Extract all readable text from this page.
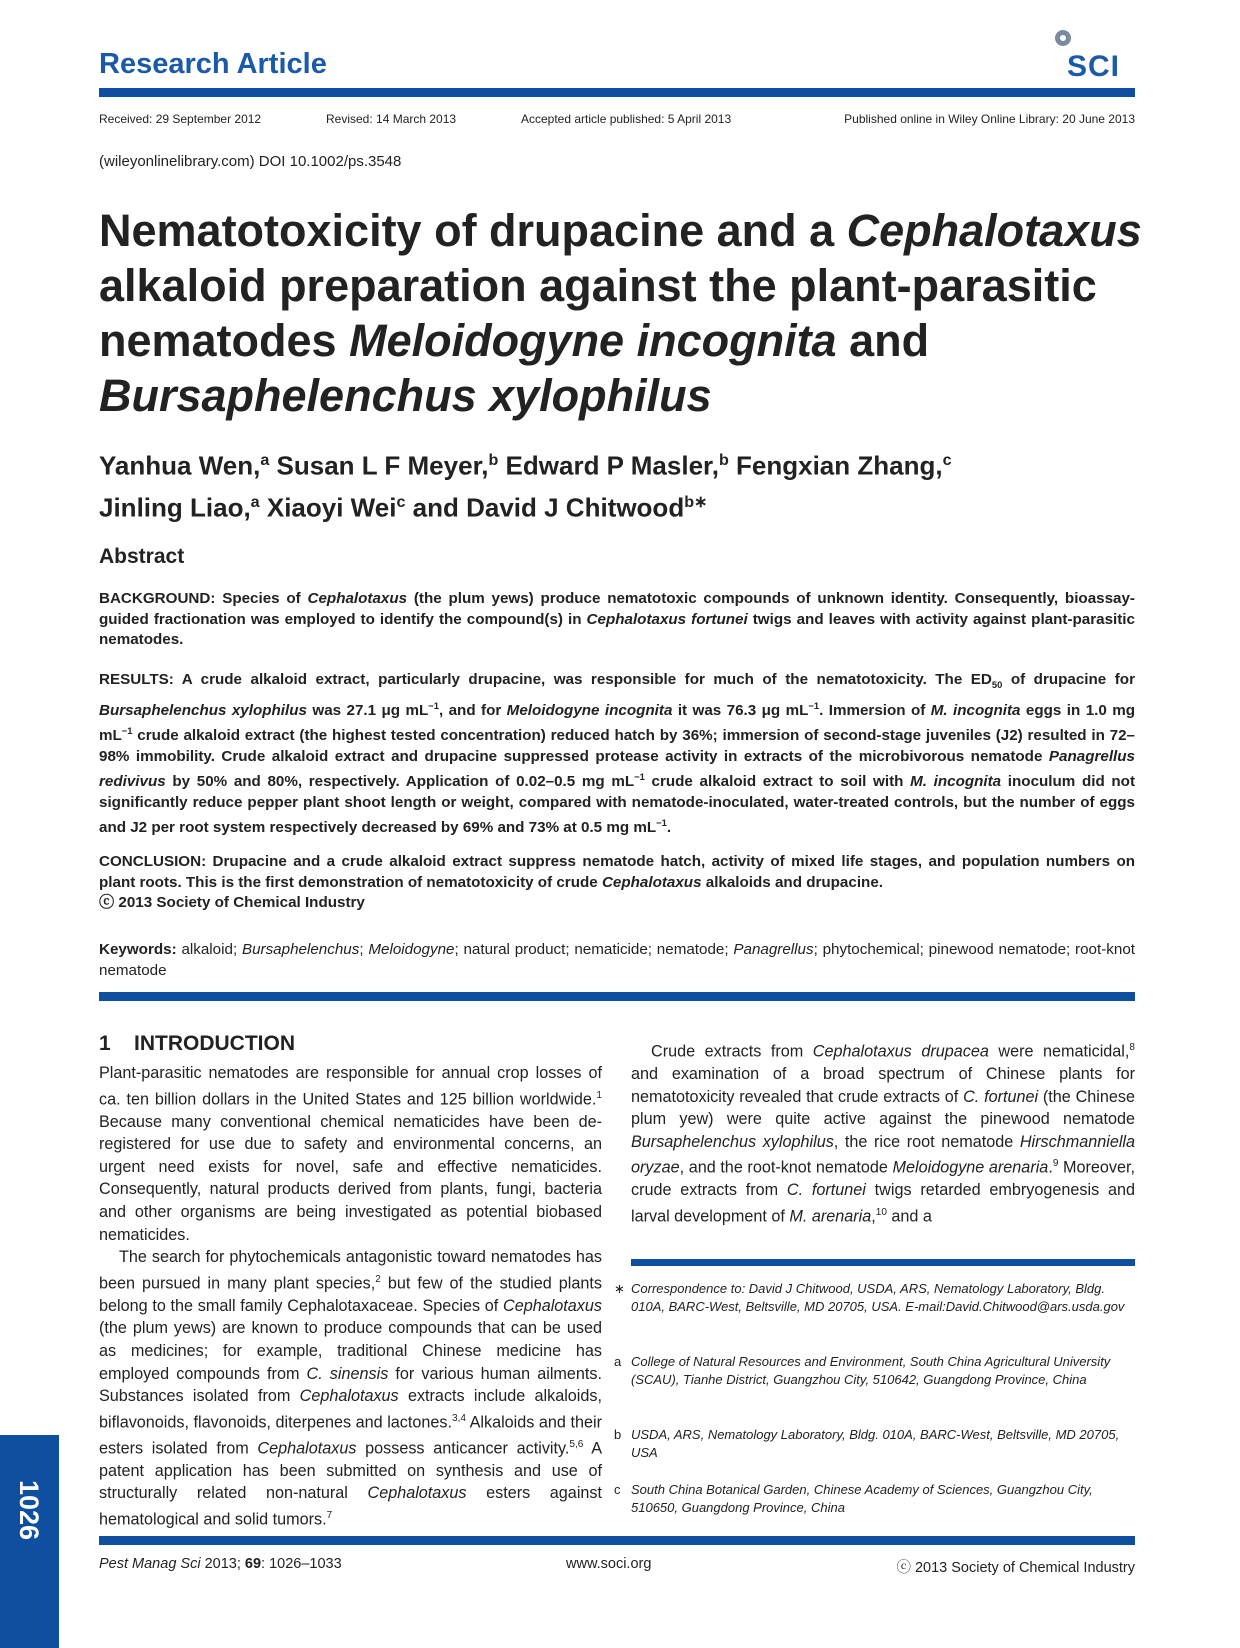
Research Article	SCI
Received: 29 September 2012	Revised: 14 March 2013	Accepted article published: 5 April 2013	Published online in Wiley Online Library: 20 June 2013
(wileyonlinelibrary.com) DOI 10.1002/ps.3548
Nematotoxicity of drupacine and a Cephalotaxus alkaloid preparation against the plant-parasitic nematodes Meloidogyne incognita and Bursaphelenchus xylophilus

Yanhua Wen,$^a$ Susan L F Meyer,$^b$ Edward P Masler,$^b$ Fengxian Zhang,$^c$
Jinling Liao,$^a$ Xiaoyi Wei$^c$ and David J Chitwood$^{b∗}$

Abstract

BACKGROUND: Species of Cephalotaxus (the plum yews) produce nematotoxic compounds of unknown identity. Consequently, bioassay-guided fractionation was employed to identify the compound(s) in Cephalotaxus fortunei twigs and leaves with activity against plant-parasitic nematodes.

RESULTS: A crude alkaloid extract, particularly drupacine, was responsible for much of the nematotoxicity. The $ED_{50}$ of drupacine for Bursaphelenchus xylophilus was 27.1 μg $mL^{-1}$, and for Meloidogyne incognita it was 76.3 μg $mL^{-1}$. Immersion of M. incognita eggs in 1.0 mg $mL^{-1}$ crude alkaloid extract (the highest tested concentration) reduced hatch by 36%; immersion of second-stage juveniles (J2) resulted in 72–98% immobility. Crude alkaloid extract and drupacine suppressed protease activity in extracts of the microbivorous nematode Panagrellus redivivus by 50% and 80%, respectively. Application of 0.02–0.5 mg $mL^{-1}$ crude alkaloid extract to soil with M. incognita inoculum did not significantly reduce pepper plant shoot length or weight, compared with nematode-inoculated, water-treated controls, but the number of eggs and J2 per root system respectively decreased by 69% and 73% at 0.5 mg $mL^{-1}$.

CONCLUSION: Drupacine and a crude alkaloid extract suppress nematode hatch, activity of mixed life stages, and population numbers on plant roots. This is the first demonstration of nematotoxicity of crude Cephalotaxus alkaloids and drupacine.
ⓒ 2013 Society of Chemical Industry

Keywords: alkaloid; Bursaphelenchus; Meloidogyne; natural product; nematicide; nematode; Panagrellus; phytochemical; pinewood nematode; root-knot nematode

1    INTRODUCTION

Plant-parasitic nematodes are responsible for annual crop losses of ca. ten billion dollars in the United States and 125 billion worldwide.$^1$ Because many conventional chemical nematicides have been de-registered for use due to safety and environmental concerns, an urgent need exists for novel, safe and effective nematicides. Consequently, natural products derived from plants, fungi, bacteria and other organisms are being investigated as potential biobased nematicides.

The search for phytochemicals antagonistic toward nematodes has been pursued in many plant species,$^2$ but few of the studied plants belong to the small family Cephalotaxaceae. Species of Cephalotaxus (the plum yews) are known to produce compounds that can be used as medicines; for example, traditional Chinese medicine has employed compounds from C. sinensis for various human ailments. Substances isolated from Cephalotaxus extracts include alkaloids, biflavonoids, flavonoids, diterpenes and lactones.$^{3,4}$ Alkaloids and their esters isolated from Cephalotaxus possess anticancer activity.$^{5,6}$ A patent application has been submitted on synthesis and use of structurally related non-natural Cephalotaxus esters against hematological and solid tumors.$^7$

Crude extracts from Cephalotaxus drupacea were nematicidal,$^8$ and examination of a broad spectrum of Chinese plants for nematotoxicity revealed that crude extracts of C. fortunei (the Chinese plum yew) were quite active against the pinewood nematode Bursaphelenchus xylophilus, the rice root nematode Hirschmanniella oryzae, and the root-knot nematode Meloidogyne arenaria.$^9$ Moreover, crude extracts from C. fortunei twigs retarded embryogenesis and larval development of M. arenaria,$^{10}$ and a

∗ Correspondence to: David J Chitwood, USDA, ARS, Nematology Laboratory, Bldg. 010A, BARC-West, Beltsville, MD 20705, USA. E-mail:David.Chitwood@ars.usda.gov

a College of Natural Resources and Environment, South China Agricultural University (SCAU), Tianhe District, Guangzhou City, 510642, Guangdong Province, China

b USDA, ARS, Nematology Laboratory, Bldg. 010A, BARC-West, Beltsville, MD 20705, USA

c South China Botanical Garden, Chinese Academy of Sciences, Guangzhou City, 510650, Guangdong Province, China

1026
Pest Manag Sci 2013; 69: 1026–1033	www.soci.org	ⓒ 2013 Society of Chemical Industry
